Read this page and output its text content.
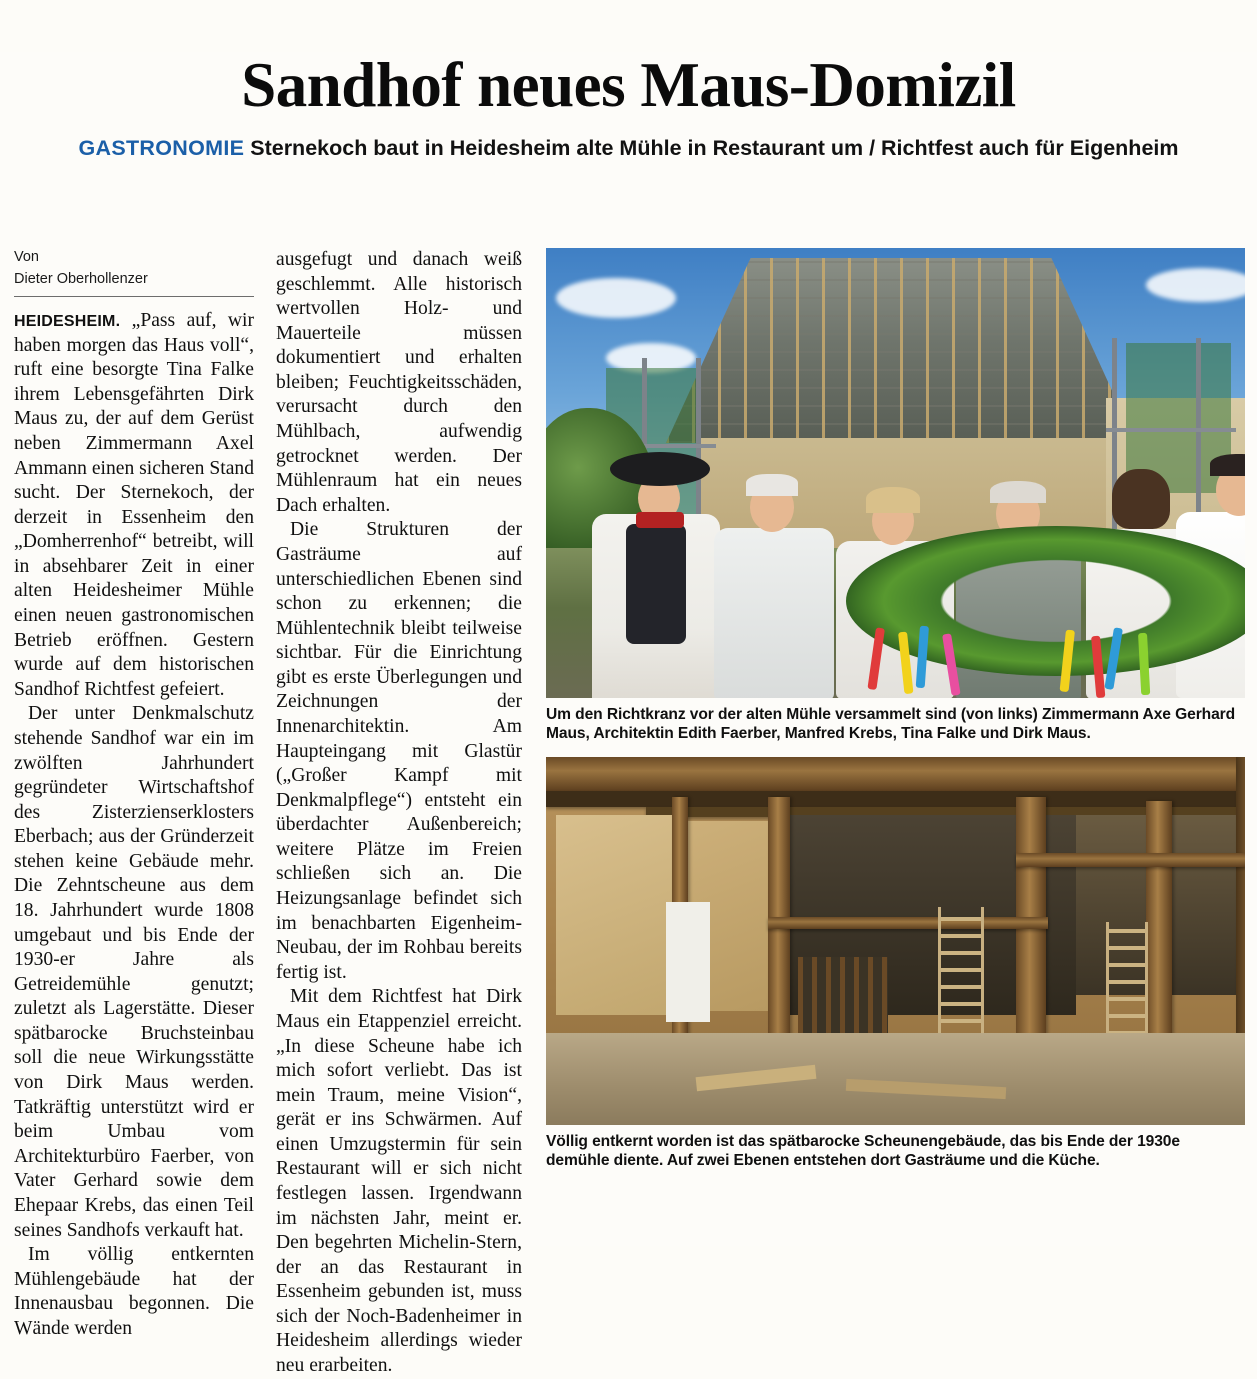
Sandhof neues Maus-Domizil
GASTRONOMIE Sternekoch baut in Heidesheim alte Mühle in Restaurant um / Richtfest auch für Eigenheim
Von
Dieter Oberhollenzer

HEIDESHEIM. „Pass auf, wir haben morgen das Haus voll“, ruft eine besorgte Tina Falke ihrem Lebensgefährten Dirk Maus zu, der auf dem Gerüst neben Zimmermann Axel Ammann einen sicheren Stand sucht. Der Sternekoch, der derzeit in Essenheim den „Domherrenhof“ betreibt, will in absehbarer Zeit in einer alten Heidesheimer Mühle einen neuen gastronomischen Betrieb eröffnen. Gestern wurde auf dem historischen Sandhof Richtfest gefeiert.

Der unter Denkmalschutz stehende Sandhof war ein im zwölften Jahrhundert gegründeter Wirtschaftshof des Zisterzienserklosters Eberbach; aus der Gründerzeit stehen keine Gebäude mehr. Die Zehntscheune aus dem 18. Jahrhundert wurde 1808 umgebaut und bis Ende der 1930-er Jahre als Getreidemühle genutzt; zuletzt als Lagerstätte. Dieser spätbarocke Bruchsteinbau soll die neue Wirkungsstätte von Dirk Maus werden. Tatkräftig unterstützt wird er beim Umbau vom Architekturbüro Faerber, von Vater Gerhard sowie dem Ehepaar Krebs, das einen Teil seines Sandhofs verkauft hat.

Im völlig entkernten Mühlengebäude hat der Innenausbau begonnen. Die Wände werden

ausgefugt und danach weiß geschlemmt. Alle historisch wertvollen Holz- und Mauerteile müssen dokumentiert und erhalten bleiben; Feuchtigkeitsschäden, verursacht durch den Mühlbach, aufwendig getrocknet werden. Der Mühlenraum hat ein neues Dach erhalten.

Die Strukturen der Gasträume auf unterschiedlichen Ebenen sind schon zu erkennen; die Mühlentechnik bleibt teilweise sichtbar. Für die Einrichtung gibt es erste Überlegungen und Zeichnungen der Innenarchitektin. Am Haupteingang mit Glastür („Großer Kampf mit Denkmalpflege“) entsteht ein überdachter Außenbereich; weitere Plätze im Freien schließen sich an. Die Heizungsanlage befindet sich im benachbarten Eigenheim-Neubau, der im Rohbau bereits fertig ist.

Mit dem Richtfest hat Dirk Maus ein Etappenziel erreicht. „In diese Scheune habe ich mich sofort verliebt. Das ist mein Traum, meine Vision“, gerät er ins Schwärmen. Auf einen Umzugstermin für sein Restaurant will er sich nicht festlegen lassen. Irgendwann im nächsten Jahr, meint er. Den begehrten Michelin-Stern, der an das Restaurant in Essenheim gebunden ist, muss sich der Noch-Badenheimer in Heidesheim allerdings wieder neu erarbeiten.

Um den Richtkranz vor der alten Mühle versammelt sind (von links) Zimmermann Axe Gerhard Maus, Architektin Edith Faerber, Manfred Krebs, Tina Falke und Dirk Maus.
Völlig entkernt worden ist das spätbarocke Scheunengebäude, das bis Ende der 1930e demühle diente. Auf zwei Ebenen entstehen dort Gasträume und die Küche.
